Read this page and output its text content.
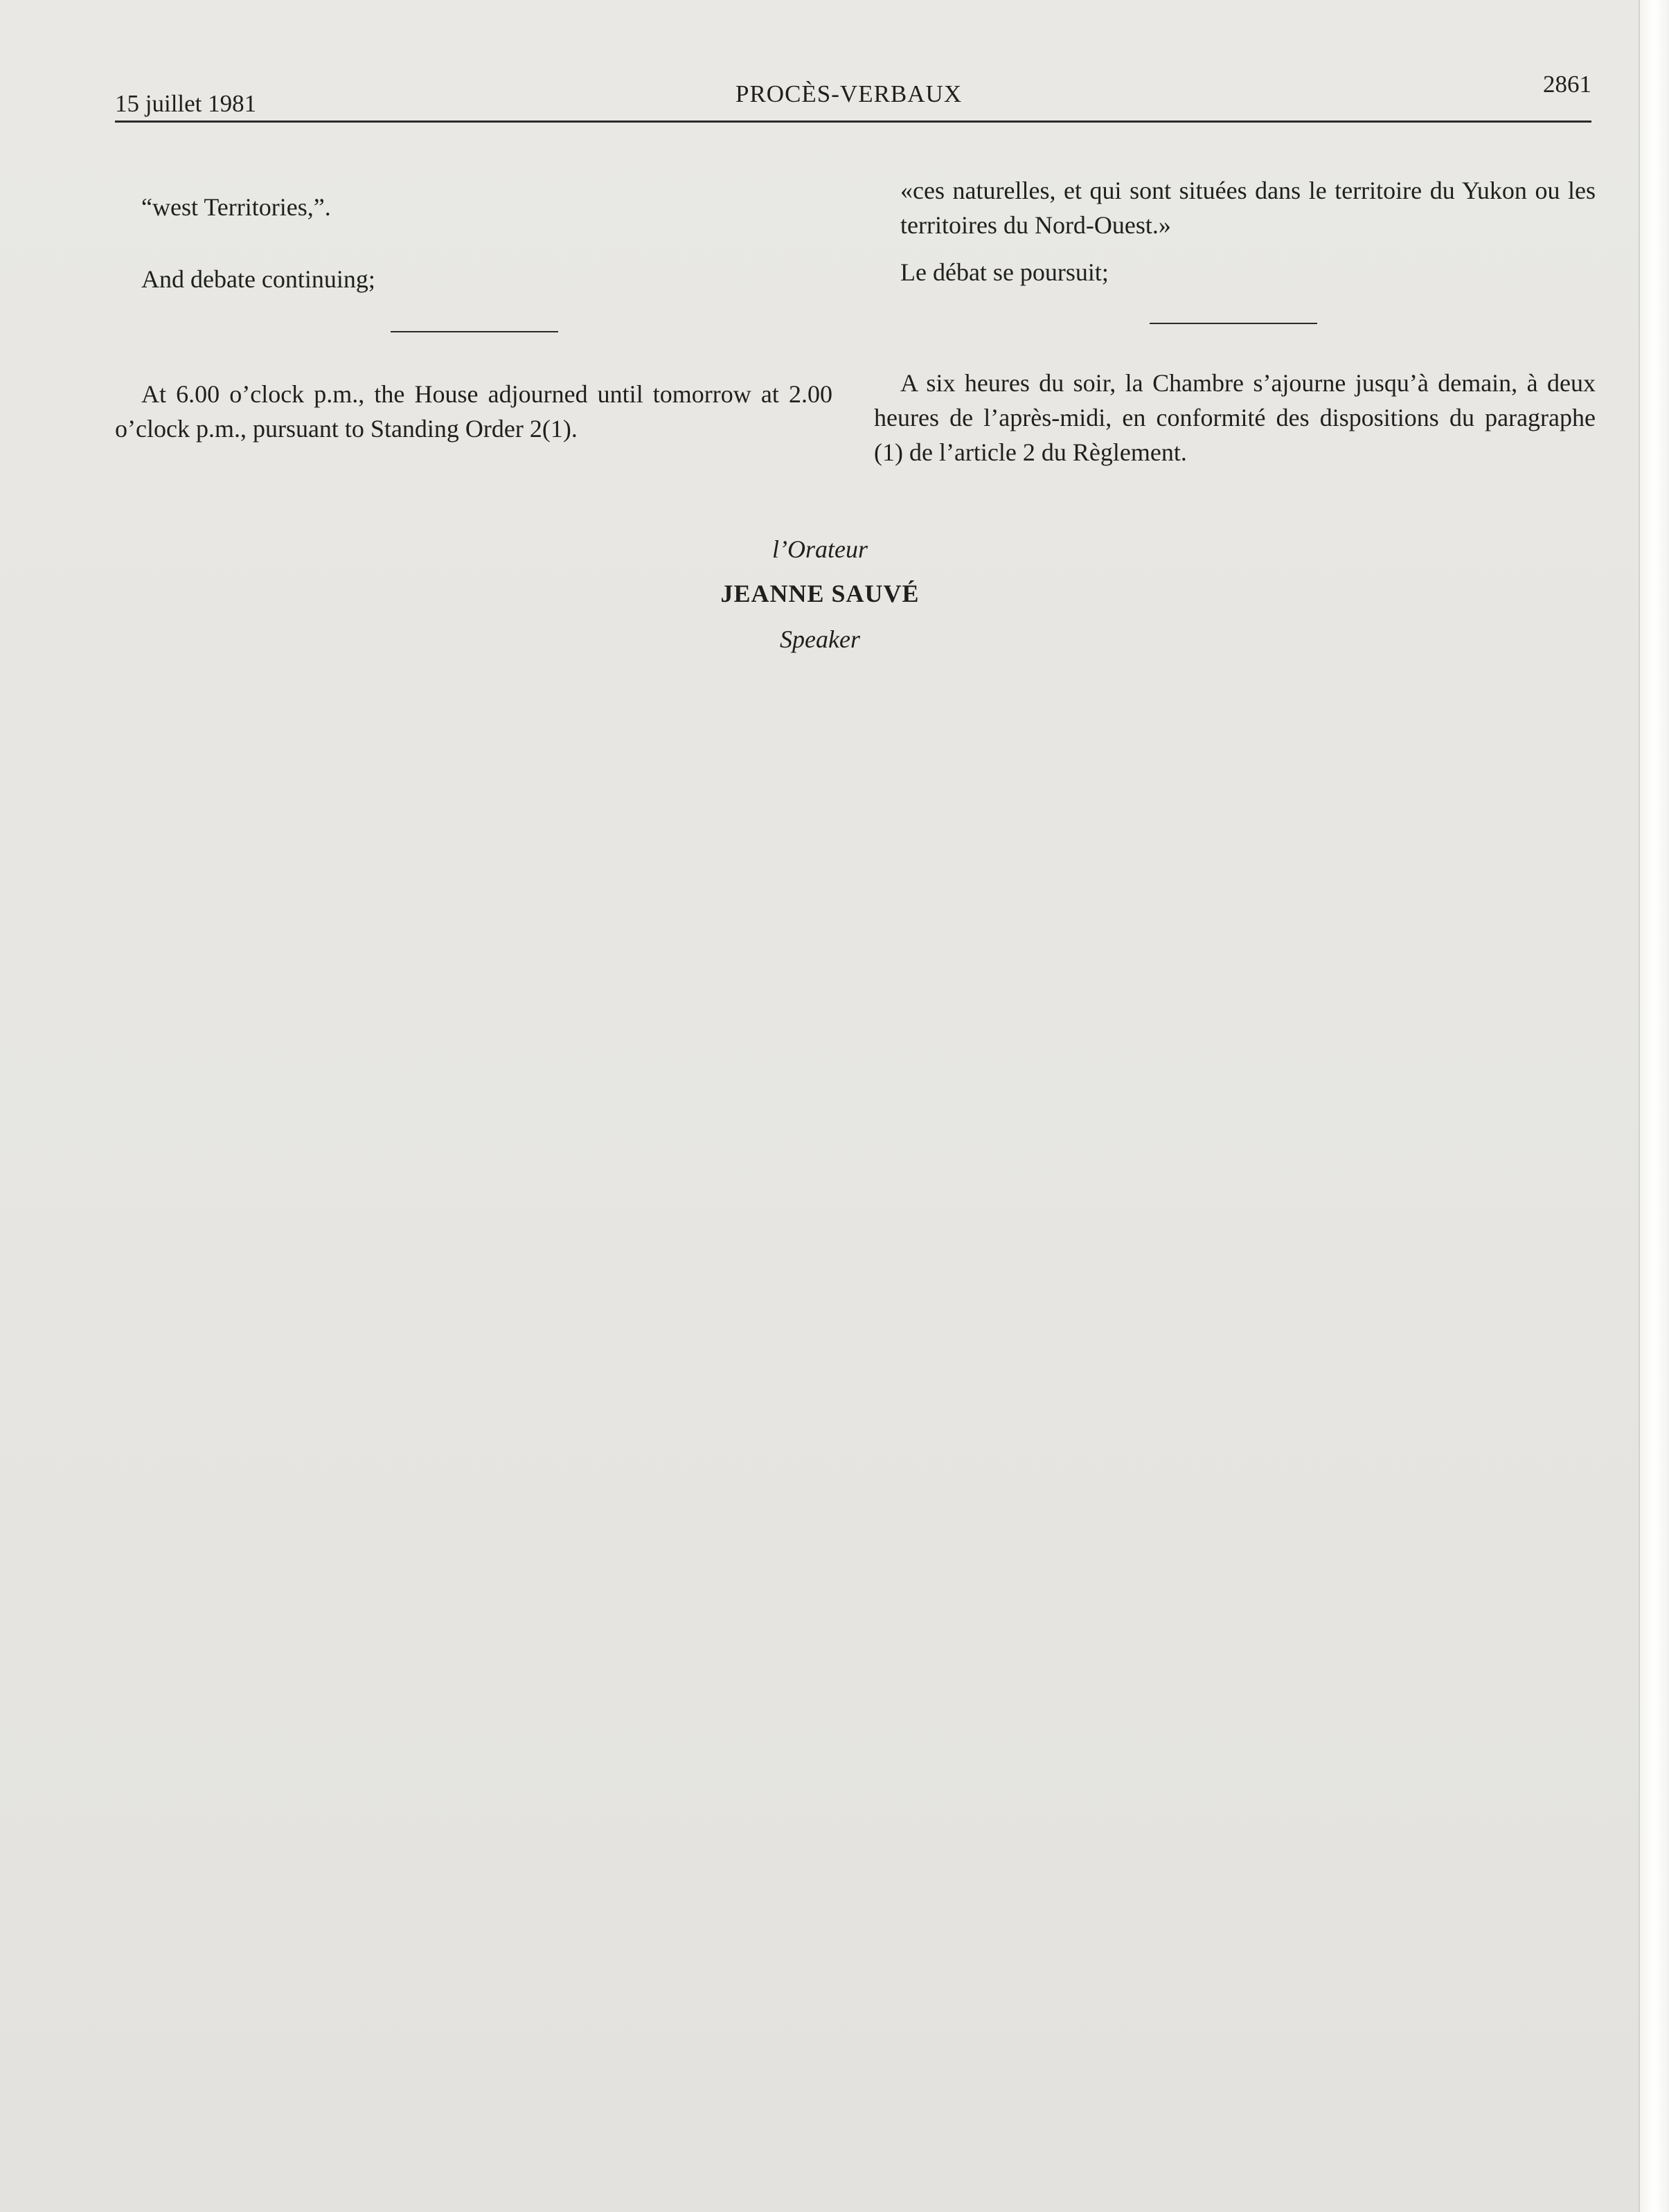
15 juillet 1981	PROCÈS-VERBAUX	2861

“west Territories,”.

And debate continuing;

At 6.00 o’clock p.m., the House adjourned until tomorrow at 2.00 o’clock p.m., pursuant to Standing Order 2(1).

«ces naturelles, et qui sont situées dans le territoire du Yukon ou les territoires du Nord-Ouest.»

Le débat se poursuit;

A six heures du soir, la Chambre s’ajourne jusqu’à demain, à deux heures de l’après-midi, en conformité des dispositions du paragraphe (1) de l’article 2 du Règlement.

l’Orateur
JEANNE SAUVÉ
Speaker
